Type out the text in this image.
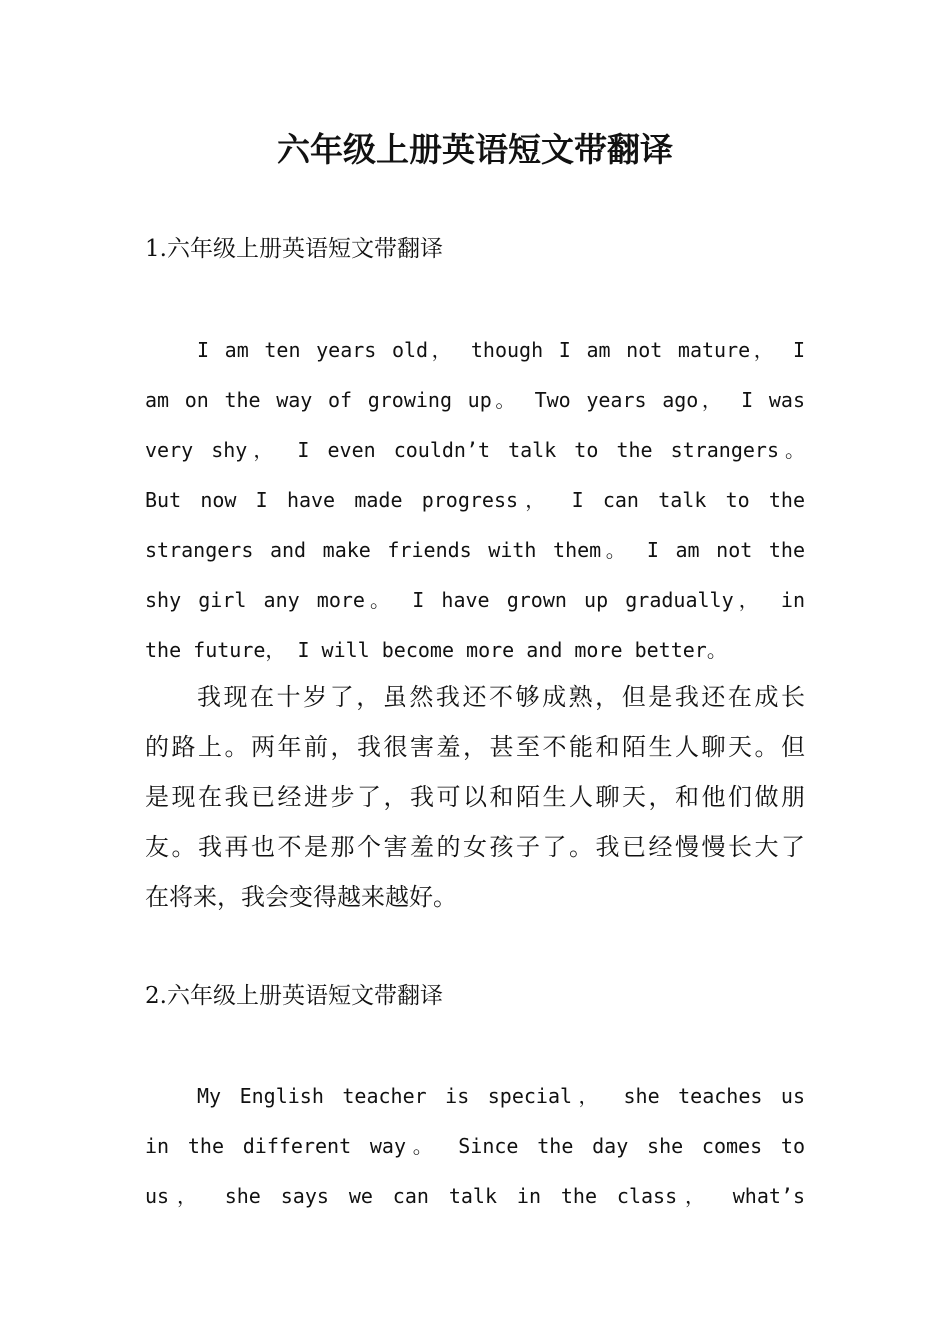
六年级上册英语短文带翻译
1.六年级上册英语短文带翻译
I am ten years old， though I am not mature， I
am on the way of growing up。 Two years ago， I was
very shy， I even couldn’t talk to the strangers。
But now I have made progress， I can talk to the
strangers and make friends with them。 I am not the
shy girl any more。 I have grown up gradually， in
the future， I will become more and more better。
我现在十岁了，虽然我还不够成熟，但是我还在成长
的路上。两年前，我很害羞，甚至不能和陌生人聊天。但
是现在我已经进步了，我可以和陌生人聊天，和他们做朋
友。我再也不是那个害羞的女孩子了。我已经慢慢长大了
在将来，我会变得越来越好。
2.六年级上册英语短文带翻译
My English teacher is special， she teaches us
in the different way。 Since the day she comes to
us， she says we can talk in the class， what’s
